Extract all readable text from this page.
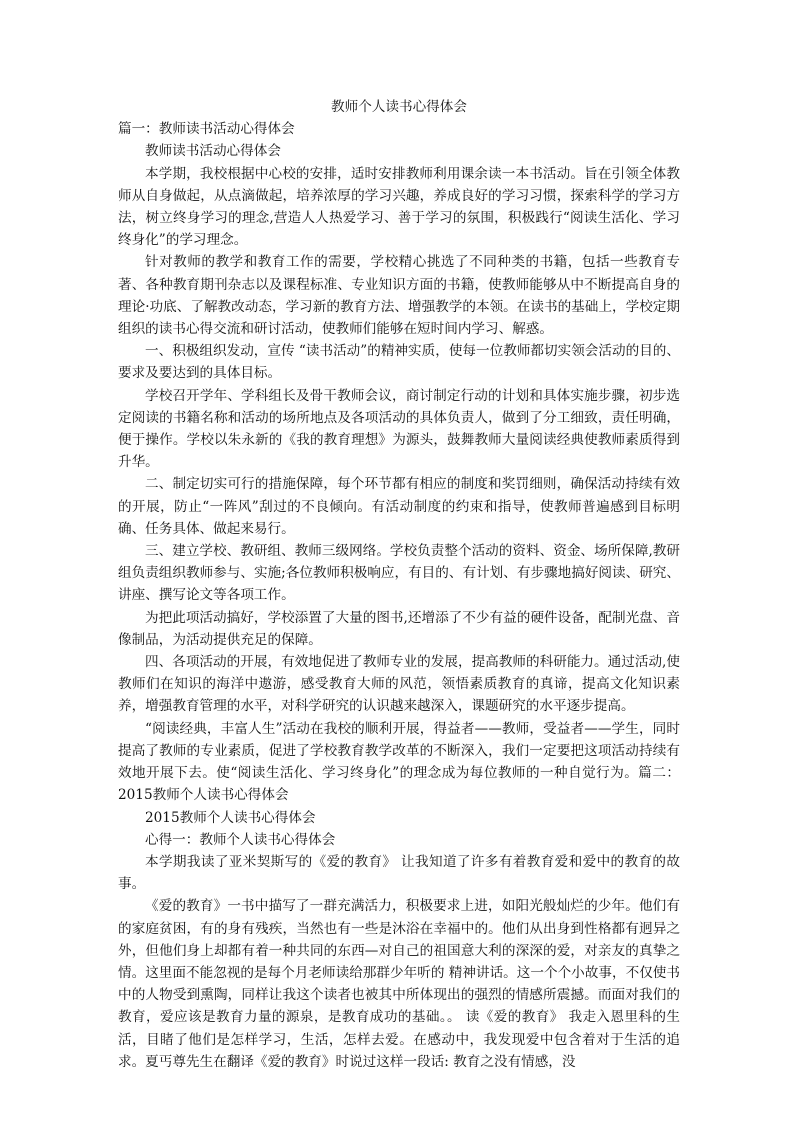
教师个人读书心得体会

篇一：教师读书活动心得体会

教师读书活动心得体会

本学期，我校根据中心校的安排，适时安排教师利用课余读一本书活动。旨在引领全体教师从自身做起，从点滴做起，培养浓厚的学习兴趣，养成良好的学习习惯，探索科学的学习方法，树立终身学习的理念,营造人人热爱学习、善于学习的氛围，积极践行“阅读生活化、学习终身化”的学习理念。

针对教师的教学和教育工作的需要，学校精心挑选了不同种类的书籍，包括一些教育专著、各种教育期刊杂志以及课程标准、专业知识方面的书籍，使教师能够从中不断提高自身的理论·功底、了解教改动态，学习新的教育方法、增强教学的本领。在读书的基础上，学校定期组织的读书心得交流和研讨活动，使教师们能够在短时间内学习、解惑。

一、积极组织发动，宣传 “读书活动”的精神实质，使每一位教师都切实领会活动的目的、要求及要达到的具体目标。

学校召开学年、学科组长及骨干教师会议，商讨制定行动的计划和具体实施步骤，初步选定阅读的书籍名称和活动的场所地点及各项活动的具体负责人，做到了分工细致，责任明确，便于操作。学校以朱永新的《我的教育理想》为源头，鼓舞教师大量阅读经典使教师素质得到升华。

二、制定切实可行的措施保障，每个环节都有相应的制度和奖罚细则，确保活动持续有效的开展，防止“一阵风”刮过的不良倾向。有活动制度的约束和指导，使教师普遍感到目标明确、任务具体、做起来易行。

三、建立学校、教研组、教师三级网络。学校负责整个活动的资料、资金、场所保障,教研组负责组织教师参与、实施;各位教师积极响应，有目的、有计划、有步骤地搞好阅读、研究、讲座、撰写论文等各项工作。

为把此项活动搞好，学校添置了大量的图书,还增添了不少有益的硬件设备，配制光盘、音像制品，为活动提供充足的保障。

四、各项活动的开展，有效地促进了教师专业的发展，提高教师的科研能力。通过活动,使教师们在知识的海洋中遨游，感受教育大师的风范，领悟素质教育的真谛，提高文化知识素养，增强教育管理的水平，对科学研究的认识越来越深入，课题研究的水平逐步提高。

“阅读经典，丰富人生”活动在我校的顺利开展，得益者——教师，受益者——学生，同时提高了教师的专业素质，促进了学校教育教学改革的不断深入，我们一定要把这项活动持续有效地开展下去。使“阅读生活化、学习终身化”的理念成为每位教师的一种自觉行为。篇二：2015教师个人读书心得体会

2015教师个人读书心得体会

心得一：教师个人读书心得体会

本学期我读了亚米契斯写的《爱的教育》 让我知道了许多有着教育爱和爱中的教育的故事。

《爱的教育》一书中描写了一群充满活力，积极要求上进，如阳光般灿烂的少年。他们有的家庭贫困，有的身有残疾，当然也有一些是沐浴在幸福中的。他们从出身到性格都有迥异之外，但他们身上却都有着一种共同的东西—对自己的祖国意大利的深深的爱，对亲友的真挚之情。这里面不能忽视的是每个月老师读给那群少年听的 精神讲话。这一个个小故事，不仅使书中的人物受到熏陶，同样让我这个读者也被其中所体现出的强烈的情感所震撼。而面对我们的教育，爱应该是教育力量的源泉，是教育成功的基础。。 读《爱的教育》 我走入恩里科的生活，目睹了他们是怎样学习，生活，怎样去爱。在感动中，我发现爱中包含着对于生活的追求。夏丐尊先生在翻译《爱的教育》时说过这样一段话: 教育之没有情感，没
